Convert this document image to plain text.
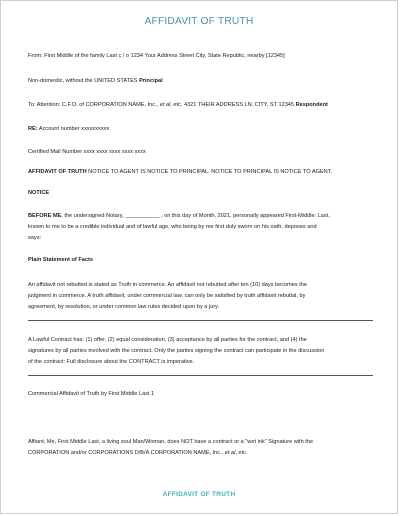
AFFIDAVIT OF TRUTH

From: First Middle of the family Last c / o 1234 Your Address Street City, State Republic, nearby [12345]

Non-domestic, without the UNITED STATES Principal

To: Attention: C.F.O. of CORPORATION NAME, Inc., et al, etc. 4321 THEIR ADDRESS LN. CITY, ST 12345 Respondent

RE: Account number xxxxxxxxxx

Certified Mail Number xxxx xxxx xxxx xxxx xxxx

AFFIDAVIT OF TRUTH NOTICE TO AGENT IS NOTICE TO PRINCIPAL. NOTICE TO PRINCIPAL IS NOTICE TO AGENT.

NOTICE

BEFORE ME, the undersigned Notary, ___________ , on this day of Month, 2021, personally appeared First-Middle: Last,

known to me to be a credible individual and of lawful age, who being by me first duly sworn on his oath, deposes and

says:

Plain Statement of Facts

An affidavit not rebutted is stated as Truth in commerce. An affidavit not rebutted after ten (10) days becomes the

judgment in commerce. A truth affidavit, under commercial law, can only be satisfied by truth affidavit rebuttal, by

agreement, by resolution, or under common law rules decided upon by a jury.

A Lawful Contract has: (1) offer, (2) equal consideration, (3) acceptance by all parties for the contract, and (4) the

signatures by all parties involved with the contract. Only the parties signing the contract can participate in the discussion

of the contract: Full disclosure about the CONTRACT is imperative.

Commercial Affidavit of Truth by First Middle Last 1

Affiant, Me, First Middle Last, a living soul Man/Woman, does NOT have a contract or a "wet ink" Signature with the

CORPORATION and/or CORPORATIONS D/B/A CORPORATION NAME, Inc., et al, etc.

AFFIDAVIT OF TRUTH
